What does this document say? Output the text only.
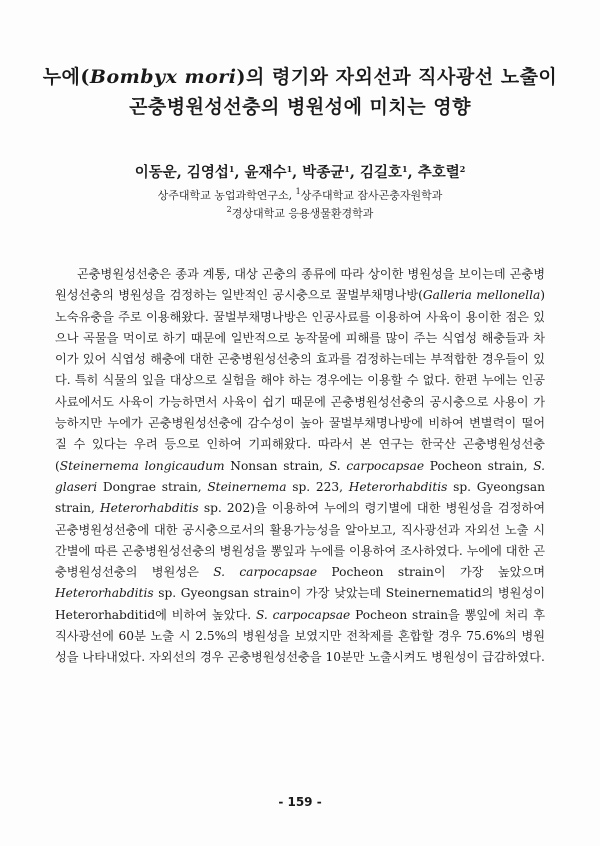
누에(Bombyx mori)의 령기와 자외선과 직사광선 노출이
곤충병원성선충의 병원성에 미치는 영향
이동운, 김영섭$^1$, 윤재수$^1$, 박종균$^1$, 김길호$^1$, 추호렬$^2$
상주대학교 농업과학연구소, $^1$상주대학교 잠사곤충자원학과
$^2$경상대학교 응용생물환경학과

곤충병원성선충은 종과 계통, 대상 곤충의 종류에 따라 상이한 병원성을 보이는데 곤충병원성선충의 병원성을 검정하는 일반적인 공시충으로 꿀벌부채명나방(Galleria mellonella) 노숙유충을 주로 이용해왔다. 꿀벌부채명나방은 인공사료를 이용하여 사육이 용이한 점은 있으나 곡물을 먹이로 하기 때문에 일반적으로 농작물에 피해를 많이 주는 식엽성 해충들과 차이가 있어 식엽성 해충에 대한 곤충병원성선충의 효과를 검정하는데는 부적합한 경우들이 있다. 특히 식물의 잎을 대상으로 실험을 해야 하는 경우에는 이용할 수 없다. 한편 누에는 인공사료에서도 사육이 가능하면서 사육이 쉽기 때문에 곤충병원성선충의 공시충으로 사용이 가능하지만 누에가 곤충병원성선충에 감수성이 높아 꿀벌부채명나방에 비하여 변별력이 떨어질 수 있다는 우려 등으로 인하여 기피해왔다. 따라서 본 연구는 한국산 곤충병원성선충(Steinernema longicaudum Nonsan strain, S. carpocapsae Pocheon strain, S. glaseri Dongrae strain, Steinernema sp. 223, Heterorhabditis sp. Gyeongsan strain, Heterorhabditis sp. 202)을 이용하여 누에의 령기별에 대한 병원성을 검정하여 곤충병원성선충에 대한 공시충으로서의 활용가능성을 알아보고, 직사광선과 자외선 노출 시간별에 따른 곤충병원성선충의 병원성을 뽕잎과 누에를 이용하여 조사하였다. 누에에 대한 곤충병원성선충의 병원성은 S. carpocapsae Pocheon strain이 가장 높았으며 Heterorhabditis sp. Gyeongsan strain이 가장 낮았는데 Steinernematid의 병원성이 Heterorhabditid에 비하여 높았다. S. carpocapsae Pocheon strain을 뽕잎에 처리 후 직사광선에 60분 노출 시 2.5%의 병원성을 보였지만 전착제를 혼합할 경우 75.6%의 병원성을 나타내었다. 자외선의 경우 곤충병원성선충을 10분만 노출시켜도 병원성이 급감하였다.

- 159 -
